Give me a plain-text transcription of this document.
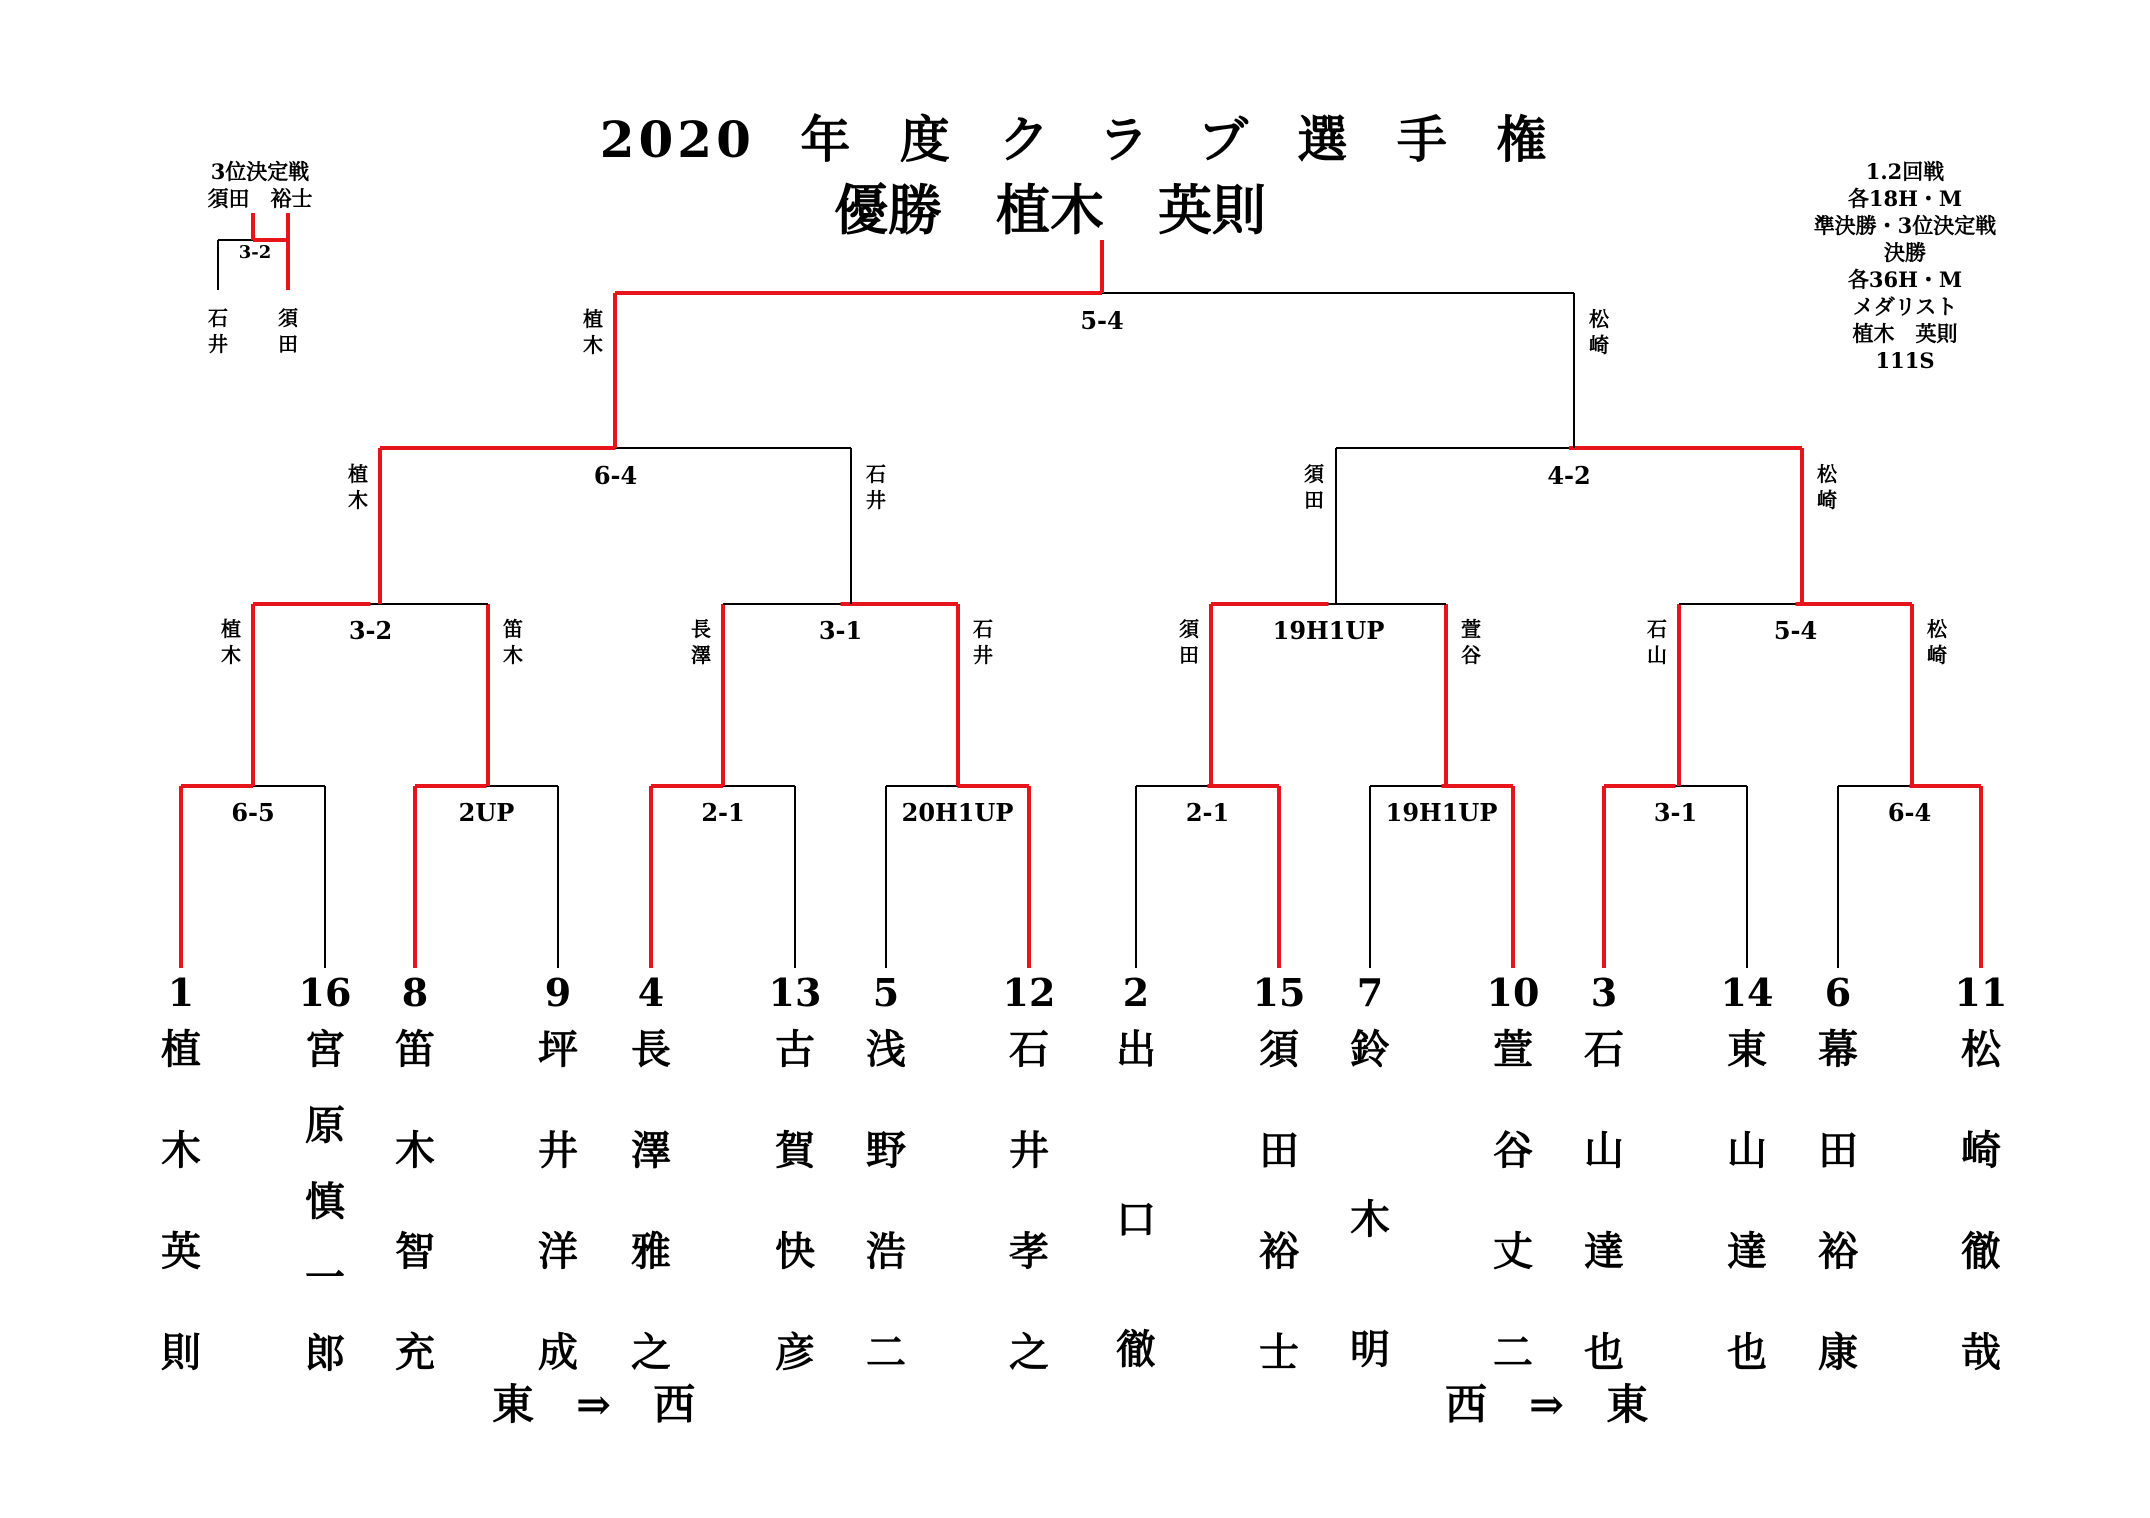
2020 年 度 ク ラ ブ 選 手 権
優勝　植木　英則
3位決定戦
須田　裕士
3-2
石
井
須
田
1.2回戦
各18H・M
準決勝・3位決定戦
決勝
各36H・M
メダリスト
植木　英則
111S
6-5	2UP	2-1	20H1UP	2-1	19H1UP	3-1	6-4
3-2
植
木
笛
木
3-1
長
澤
石
井
19H1UP
須
田
萱
谷
5-4
石
山
松
崎
6-4
植
木
石
井
4-2
須
田
松
崎
5-4
植
木
松
崎
1
植
木
英
則
16
宮
原
慎
一
郎
8
笛
木
智
充
9
坪
井
洋
成
4
長
澤
雅
之
13
古
賀
快
彦
5
浅
野
浩
二
12
石
井
孝
之
2
出
口
徹
15
須
田
裕
士
7
鈴
木
明
10
萱
谷
丈
二
3
石
山
達
也
14
東
山
達
也
6
幕
田
裕
康
11
松
崎
徹
哉
東　⇒　西	西　⇒　東
